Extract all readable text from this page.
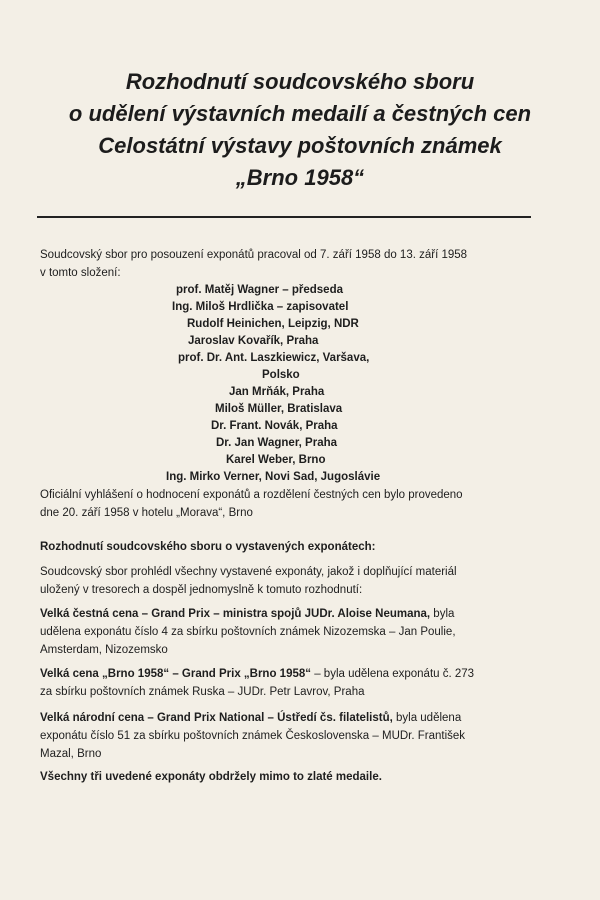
Rozhodnutí soudcovského sboru
o udělení výstavních medailí a čestných cen
Celostátní výstavy poštovních známek
„Brno 1958“
Soudcovský sbor pro posouzení exponátů pracoval od 7. září 1958 do 13. září 1958
v tomto složení:
prof. Matěj Wagner – předseda
Ing. Miloš Hrdlička – zapisovatel
Rudolf Heinichen, Leipzig, NDR
Jaroslav Kovařík, Praha
prof. Dr. Ant. Laszkiewicz, Varšava,
Polsko
Jan Mrňák, Praha
Miloš Müller, Bratislava
Dr. Frant. Novák, Praha
Dr. Jan Wagner, Praha
Karel Weber, Brno
Ing. Mirko Verner, Novi Sad, Jugoslávie
Oficiální vyhlášení o hodnocení exponátů a rozdělení čestných cen bylo provedeno
dne 20. září 1958 v hotelu „Morava“, Brno
Rozhodnutí soudcovského sboru o vystavených exponátech:
Soudcovský sbor prohlédl všechny vystavené exponáty, jakož i doplňující materiál
uložený v tresorech a dospěl jednomyslně k tomuto rozhodnutí:
Velká čestná cena – Grand Prix – ministra spojů JUDr. Aloise Neumana, byla
udělena exponátu číslo 4 za sbírku poštovních známek Nizozemska – Jan Poulie,
Amsterdam, Nizozemsko
Velká cena „Brno 1958“ – Grand Prix „Brno 1958“ – byla udělena exponátu č. 273
za sbírku poštovních známek Ruska – JUDr. Petr Lavrov, Praha
Velká národní cena – Grand Prix National – Ústředí čs. filatelistů, byla udělena
exponátu číslo 51 za sbírku poštovních známek Československa – MUDr. František
Mazal, Brno
Všechny tři uvedené exponáty obdržely mimo to zlaté medaile.
